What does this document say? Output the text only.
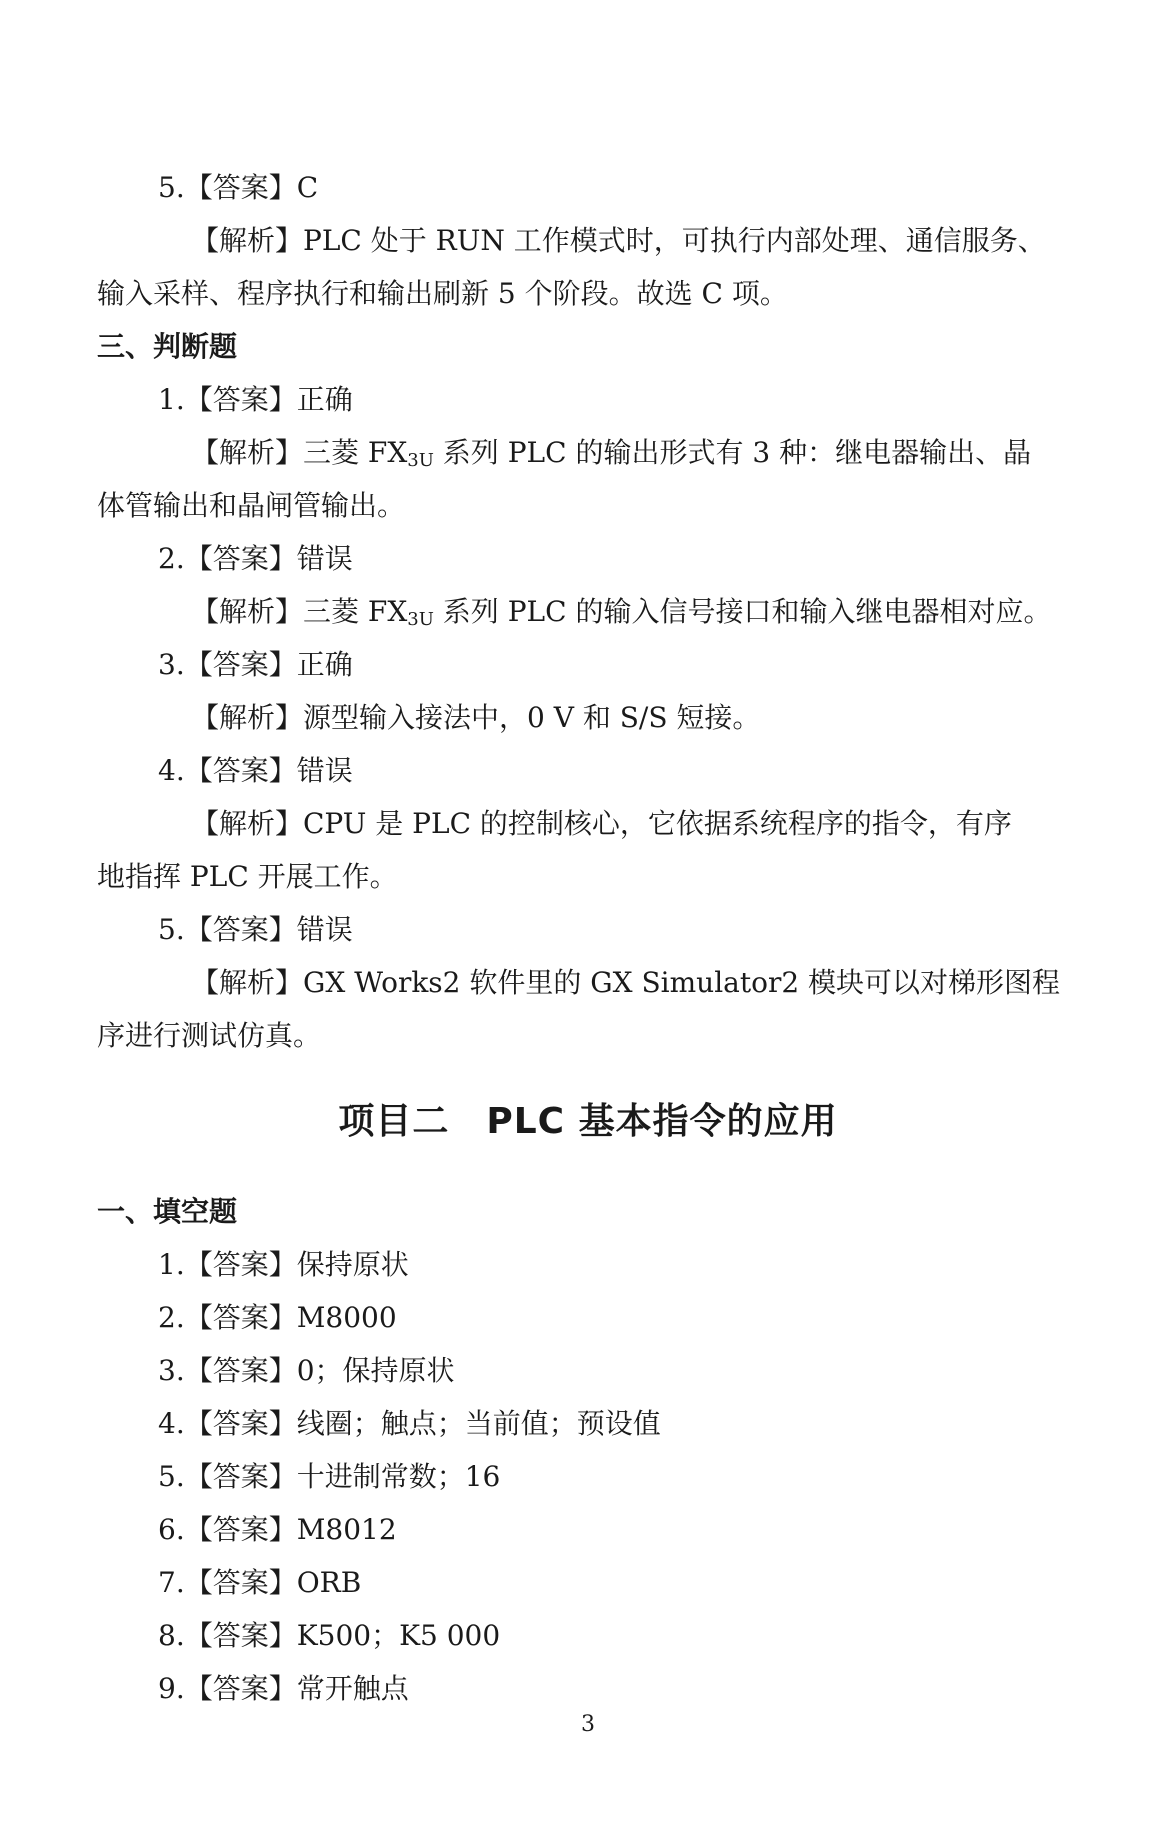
5.【答案】C
【解析】PLC 处于 RUN 工作模式时，可执行内部处理、通信服务、
输入采样、程序执行和输出刷新 5 个阶段。故选 C 项。
三、判断题
1.【答案】正确
【解析】三菱 $FX_{3U}$ 系列 PLC 的输出形式有 3 种：继电器输出、晶
体管输出和晶闸管输出。
2.【答案】错误
【解析】三菱 $FX_{3U}$ 系列 PLC 的输入信号接口和输入继电器相对应。
3.【答案】正确
【解析】源型输入接法中，0 V 和 S/S 短接。
4.【答案】错误
【解析】CPU 是 PLC 的控制核心，它依据系统程序的指令，有序
地指挥 PLC 开展工作。
5.【答案】错误
【解析】GX Works2 软件里的 GX Simulator2 模块可以对梯形图程
序进行测试仿真。
项目二　PLC 基本指令的应用
一、填空题
1.【答案】保持原状
2.【答案】M8000
3.【答案】0；保持原状
4.【答案】线圈；触点；当前值；预设值
5.【答案】十进制常数；16
6.【答案】M8012
7.【答案】ORB
8.【答案】K500；K5 000
9.【答案】常开触点
3
